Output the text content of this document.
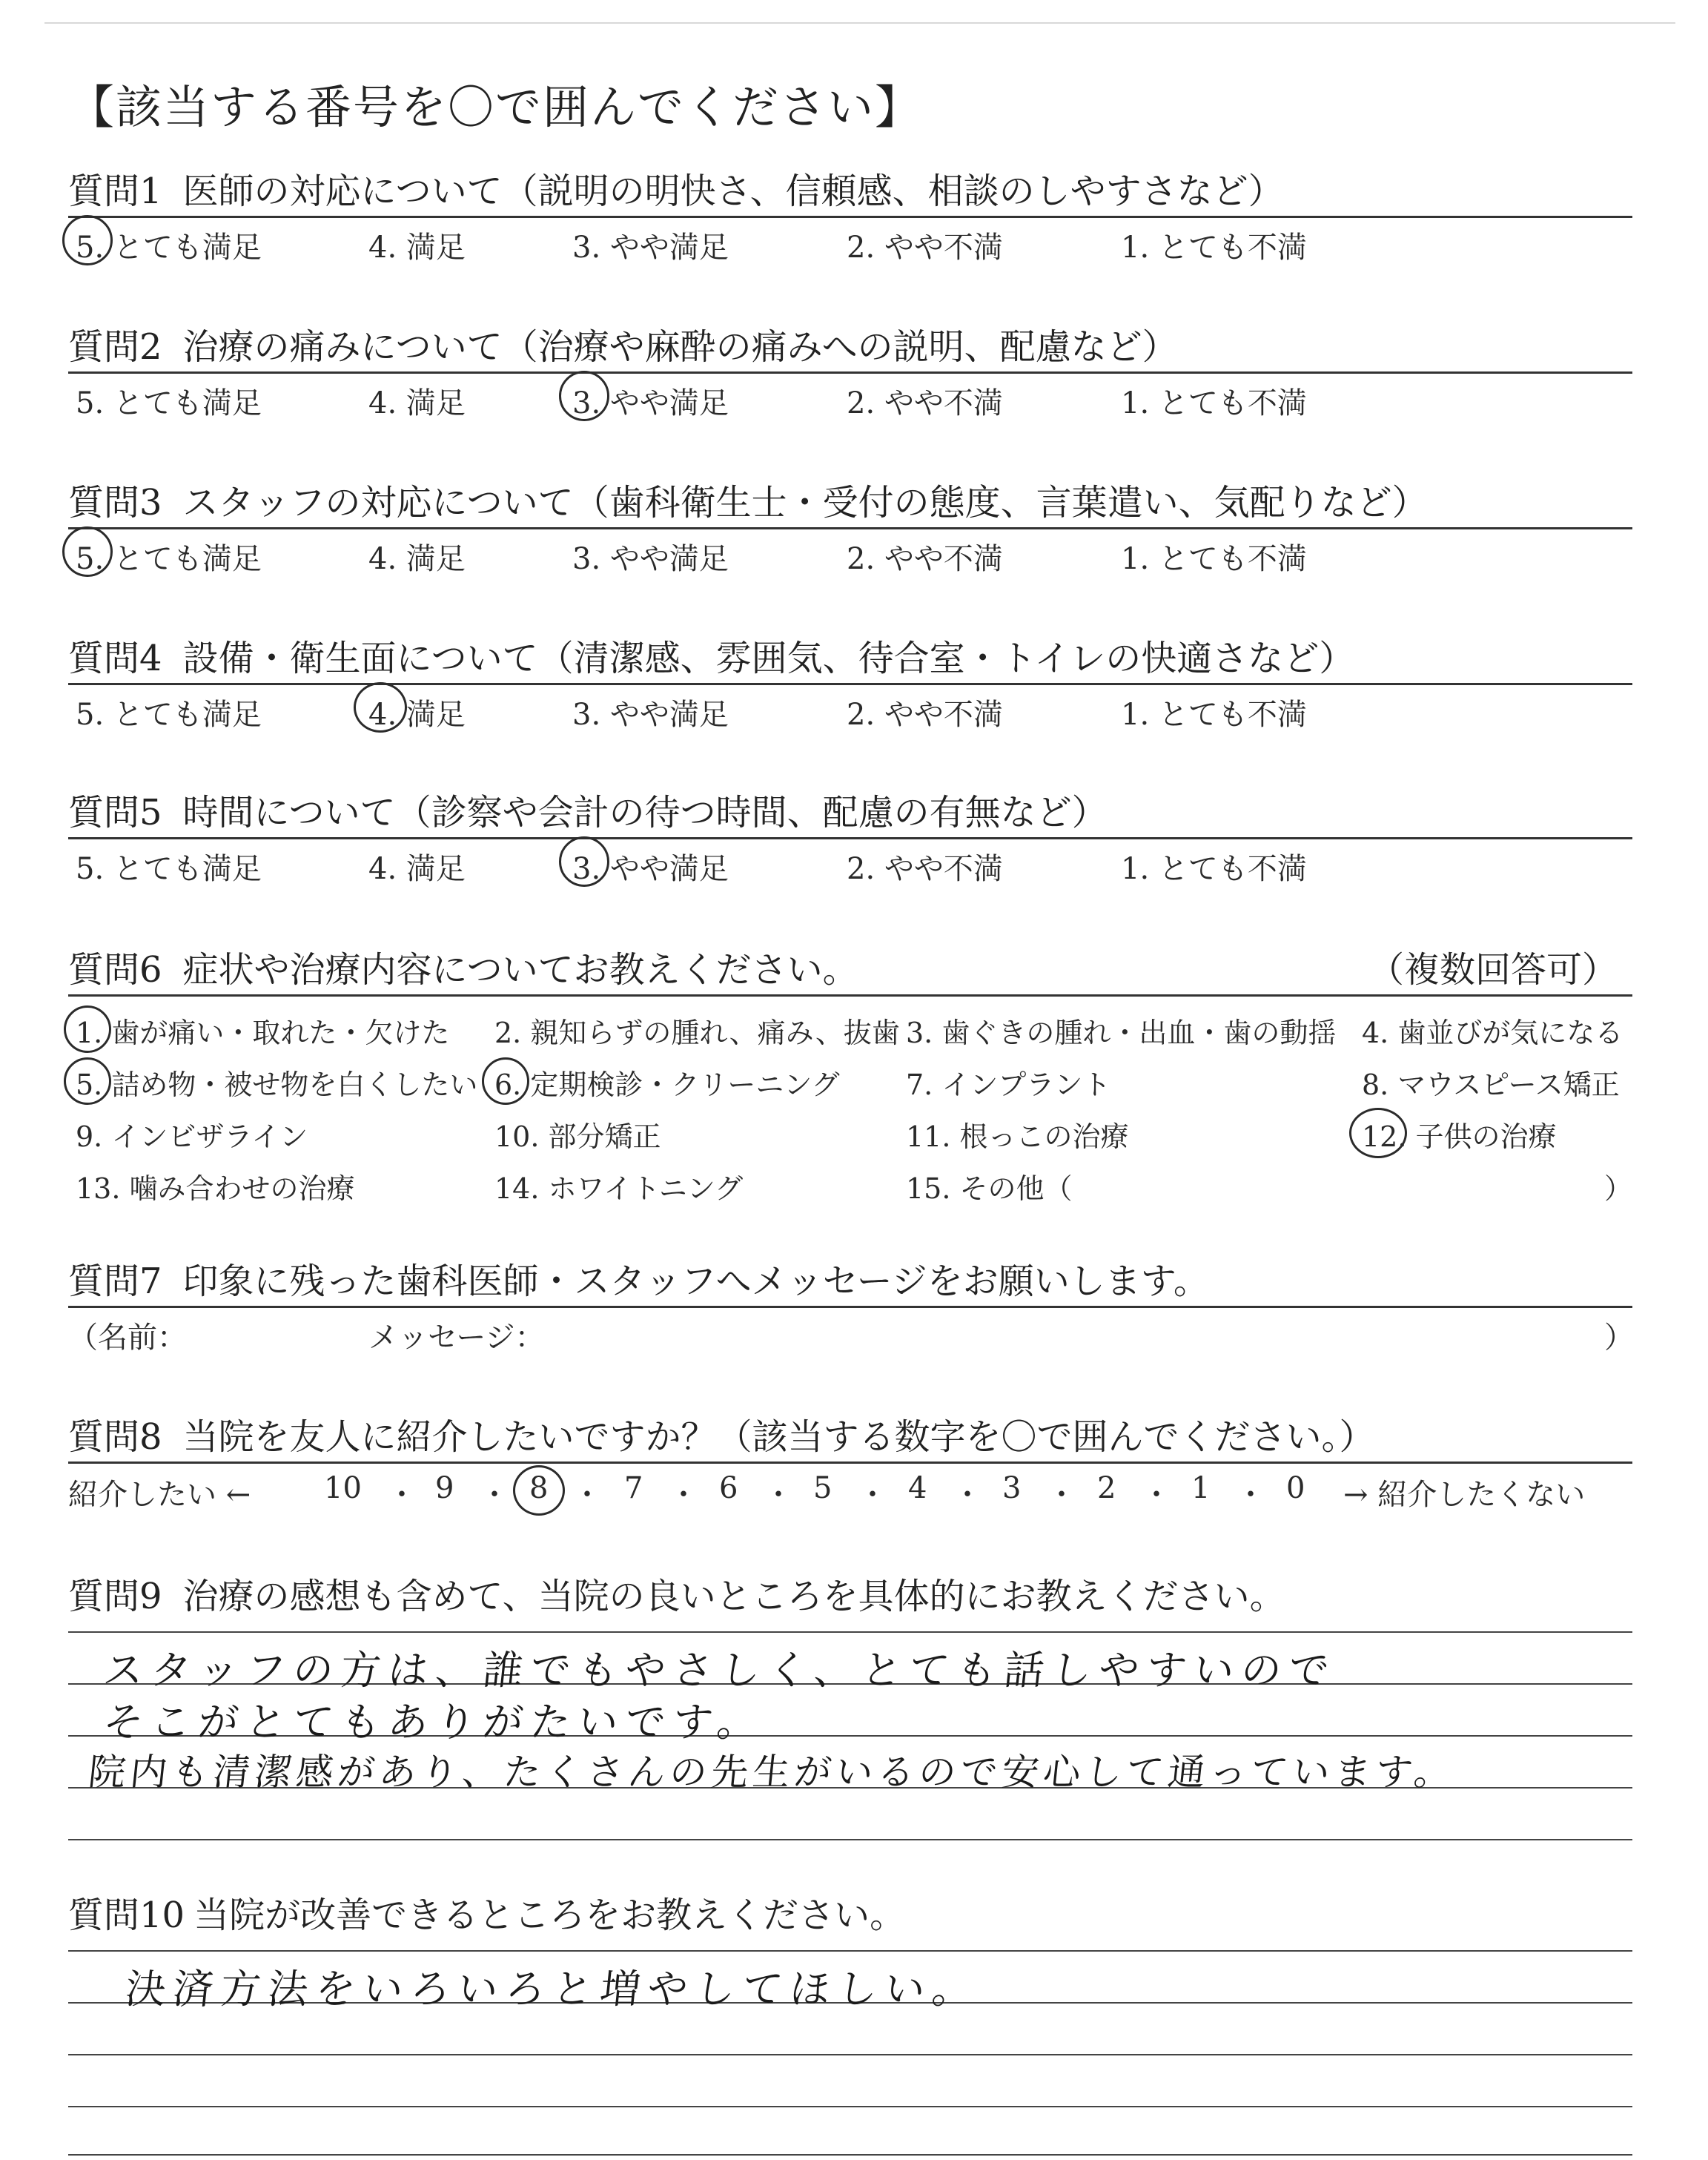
【該当する番号を〇で囲んでください】
質問1 医師の対応について（説明の明快さ、信頼感、相談のしやすさなど）
5. とても満足	4. 満足	3. やや満足	2. やや不満	1. とても不満
質問2 治療の痛みについて（治療や麻酔の痛みへの説明、配慮など）
5. とても満足	4. 満足	3. やや満足	2. やや不満	1. とても不満
質問3 スタッフの対応について（歯科衛生士・受付の態度、言葉遣い、気配りなど）
5. とても満足	4. 満足	3. やや満足	2. やや不満	1. とても不満
質問4 設備・衛生面について（清潔感、雰囲気、待合室・トイレの快適さなど）
5. とても満足	4. 満足	3. やや満足	2. やや不満	1. とても不満
質問5 時間について（診察や会計の待つ時間、配慮の有無など）
5. とても満足	4. 満足	3. やや満足	2. やや不満	1. とても不満
質問6 症状や治療内容についてお教えください。	（複数回答可）
1. 歯が痛い・取れた・欠けた 2. 親知らずの腫れ、痛み、抜歯 3. 歯ぐきの腫れ・出血・歯の動揺 4. 歯並びが気になる
5. 詰め物・被せ物を白くしたい 6. 定期検診・クリーニング 7. インプラント	8. マウスピース矯正
9. インビザライン	10. 部分矯正	11. 根っこの治療	12. 子供の治療
13. 噛み合わせの治療	14. ホワイトニング	15. その他（	）
質問7 印象に残った歯科医師・スタッフへメッセージをお願いします。
（名前：	メッセージ：	）
質問8 当院を友人に紹介したいですか？（該当する数字を〇で囲んでください。）
紹介したい ← 10 ・ 9 ・ 8 ・ 7 ・ 6 ・ 5 ・ 4 ・ 3 ・ 2 ・ 1 ・ 0 → 紹介したくない
質問9 治療の感想も含めて、当院の良いところを具体的にお教えください。
スタッフの方は、誰でもやさしく、とても話しやすいので
そこがとてもありがたいです。
院内も清潔感があり、たくさんの先生がいるので安心して通っています。
質問10 当院が改善できるところをお教えください。
決済方法をいろいろと増やしてほしい。
